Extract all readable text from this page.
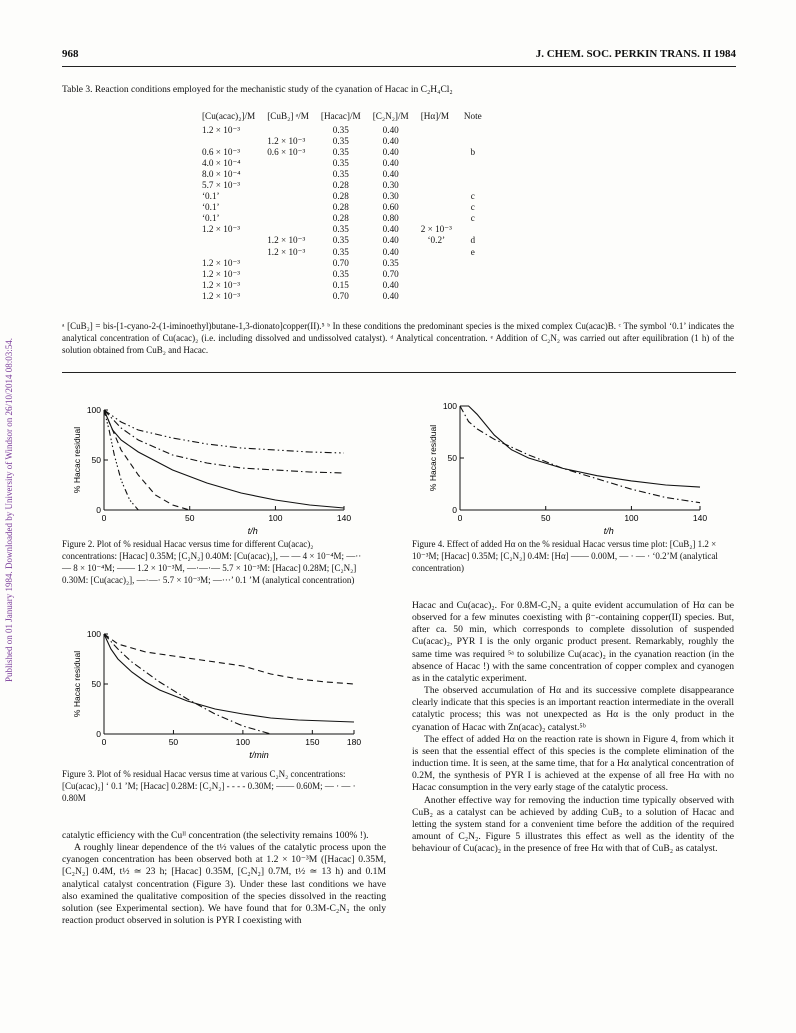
Published on 01 January 1984. Downloaded by University of Windsor on 26/10/2014 08:03:54.
968	J. CHEM. SOC. PERKIN TRANS. II 1984
Table 3. Reaction conditions employed for the mechanistic study of the cyanation of Hacac in C₂H₄Cl₂
[Cu(acac)₂]/M	[CuB₂] ᵃ/M	[Hacac]/M	[C₂N₂]/M	[Hα]/M	Note
1.2 × 10⁻³		0.35	0.40		
	1.2 × 10⁻³	0.35	0.40		
0.6 × 10⁻³	0.6 × 10⁻³	0.35	0.40		b
4.0 × 10⁻⁴		0.35	0.40		
8.0 × 10⁻⁴		0.35	0.40		
5.7 × 10⁻³		0.28	0.30		
‘0.1’		0.28	0.30		c
‘0.1’		0.28	0.60		c
‘0.1’		0.28	0.80		c
1.2 × 10⁻³		0.35	0.40	2 × 10⁻³	
	1.2 × 10⁻³	0.35	0.40	‘0.2’	d
	1.2 × 10⁻³	0.35	0.40		e
1.2 × 10⁻³		0.70	0.35		
1.2 × 10⁻³		0.35	0.70		
1.2 × 10⁻³		0.15	0.40		
1.2 × 10⁻³		0.70	0.40		
ᵃ [CuB₂] = bis-[1-cyano-2-(1-iminoethyl)butane-1,3-dionato]copper(II).⁵ ᵇ In these conditions the predominant species is the mixed complex Cu(acac)B. ᶜ The symbol ‘0.1’ indicates the analytical concentration of Cu(acac)₂ (i.e. including dissolved and undissolved catalyst). ᵈ Analytical concentration. ᵉ Addition of C₂N₂ was carried out after equilibration (1 h) of the solution obtained from CuB₂ and Hacac.
0	50	100	140
0
50
100
t/h
% Hacac residual
0	50	100	140
0
50
100
t/h
% Hacac residual
0	50	100	150	180
0
50
100
t/min
% Hacac residual
Figure 2. Plot of % residual Hacac versus time for different Cu(acac)₂ concentrations: [Hacac] 0.35M; [C₂N₂] 0.40M: [Cu(acac)₂], — — 4 × 10⁻⁴M; —··— 8 × 10⁻⁴M; —— 1.2 × 10⁻³M, —·—·— 5.7 × 10⁻³M: [Hacac] 0.28M; [C₂N₂] 0.30M: [Cu(acac)₂], —·—· 5.7 × 10⁻³M; —···’ 0.1 ’M (analytical concentration)
Figure 4. Effect of added Hα on the % residual Hacac versus time plot: [CuB₂] 1.2 × 10⁻³M; [Hacac] 0.35M; [C₂N₂] 0.4M: [Hα] —— 0.00M, — · — · ‘0.2’M (analytical concentration)
Figure 3. Plot of % residual Hacac versus time at various C₂N₂ concentrations: [Cu(acac)₂] ‘ 0.1 ’M; [Hacac] 0.28M: [C₂N₂] - - - - 0.30M; —— 0.60M; — · — · 0.80M

catalytic efficiency with the Cuᴵᴵ concentration (the selectivity remains 100% !).

A roughly linear dependence of the t½ values of the catalytic process upon the cyanogen concentration has been observed both at 1.2 × 10⁻³M ([Hacac] 0.35M, [C₂N₂] 0.4M, t½ ≃ 23 h; [Hacac] 0.35M, [C₂N₂] 0.7M, t½ ≃ 13 h) and 0.1M analytical catalyst concentration (Figure 3). Under these last conditions we have also examined the qualitative composition of the species dissolved in the reacting solution (see Experimental section). We have found that for 0.3M-C₂N₂ the only reaction product observed in solution is PYR I coexisting with

Hacac and Cu(acac)₂. For 0.8M-C₂N₂ a quite evident accumulation of Hα can be observed for a few minutes coexisting with β⁻-containing copper(II) species. But, after ca. 50 min, which corresponds to complete dissolution of suspended Cu(acac)₂, PYR I is the only organic product present. Remarkably, roughly the same time was required ⁵ᵃ to solubilize Cu(acac)₂ in the cyanation reaction (in the absence of Hacac !) with the same concentration of copper complex and cyanogen as in the catalytic experiment.

The observed accumulation of Hα and its successive complete disappearance clearly indicate that this species is an important reaction intermediate in the overall catalytic process; this was not unexpected as Hα is the only product in the cyanation of Hacac with Zn(acac)₂ catalyst.⁵ᵇ

The effect of added Hα on the reaction rate is shown in Figure 4, from which it is seen that the essential effect of this species is the complete elimination of the induction time. It is seen, at the same time, that for a Hα analytical concentration of 0.2M, the synthesis of PYR I is achieved at the expense of all free Hα with no Hacac consumption in the very early stage of the catalytic process.

Another effective way for removing the induction time typically observed with CuB₂ as a catalyst can be achieved by adding CuB₂ to a solution of Hacac and letting the system stand for a convenient time before the addition of the required amount of C₂N₂. Figure 5 illustrates this effect as well as the identity of the behaviour of Cu(acac)₂ in the presence of free Hα with that of CuB₂ as catalyst.
